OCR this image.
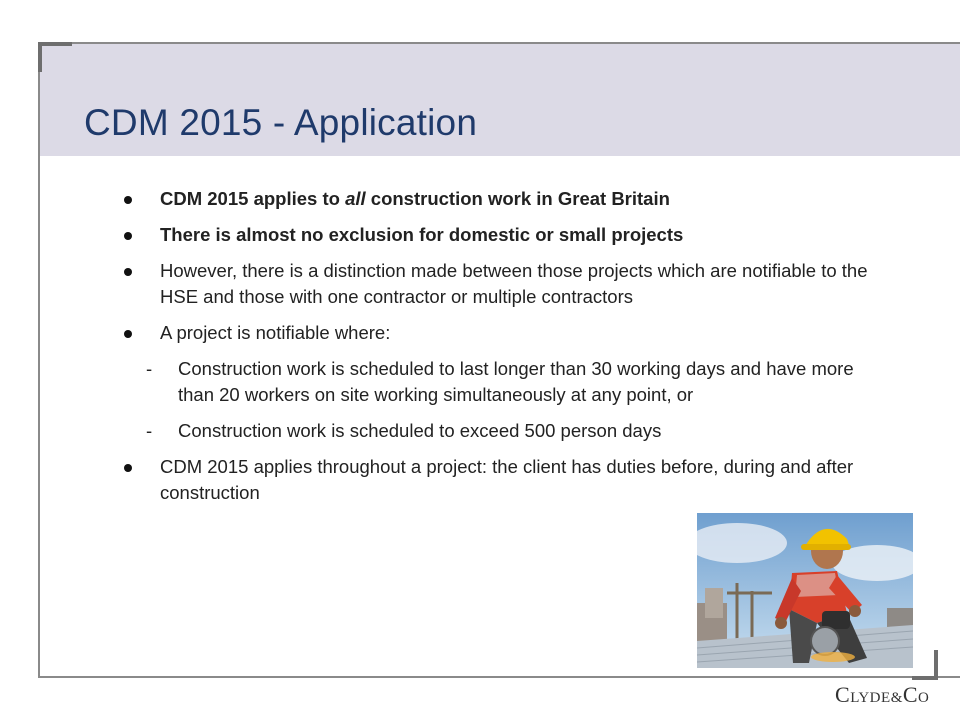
CDM 2015 - Application
CDM 2015 applies to all construction work in Great Britain
There is almost no exclusion for domestic or small projects
However, there is a distinction made between those projects which are notifiable to the HSE and those with one contractor or multiple contractors
A project is notifiable where:
- Construction work is scheduled to last longer than 30 working days and have more than 20 workers on site working simultaneously at any point, or
- Construction work is scheduled to exceed 500 person days
CDM 2015 applies throughout a project: the client has duties before, during and after construction
CLYDE&CO
